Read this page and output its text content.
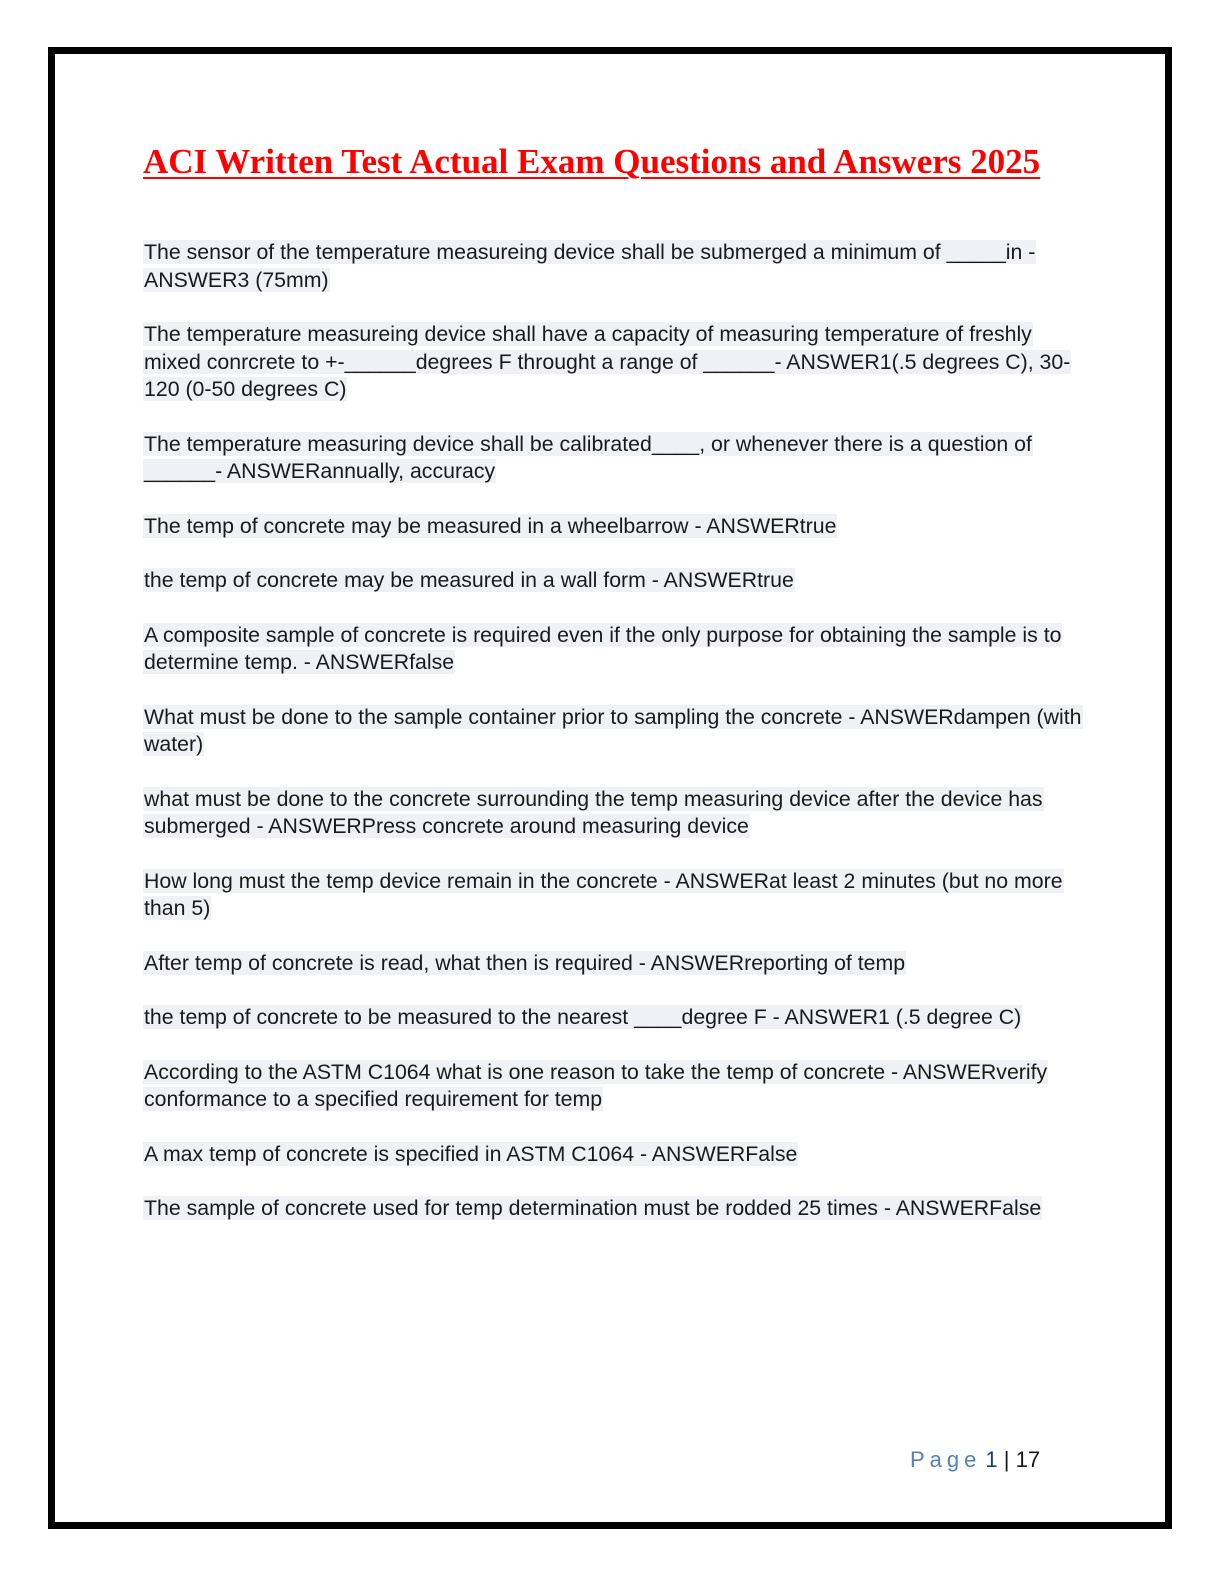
ACI Written Test Actual Exam Questions and Answers 2025

The sensor of the temperature measureing device shall be submerged a minimum of _____in - ANSWER3 (75mm)

The temperature measureing device shall have a capacity of measuring temperature of freshly mixed conrcrete to +-______degrees F throught a range of ______- ANSWER1(.5 degrees C), 30-120 (0-50 degrees C)

The temperature measuring device shall be calibrated____, or whenever there is a question of ______- ANSWERannually, accuracy

The temp of concrete may be measured in a wheelbarrow - ANSWERtrue

the temp of concrete may be measured in a wall form - ANSWERtrue

A composite sample of concrete is required even if the only purpose for obtaining the sample is to determine temp. - ANSWERfalse

What must be done to the sample container prior to sampling the concrete - ANSWERdampen (with water)

what must be done to the concrete surrounding the temp measuring device after the device has submerged - ANSWERPress concrete around measuring device

How long must the temp device remain in the concrete - ANSWERat least 2 minutes (but no more than 5)

After temp of concrete is read, what then is required - ANSWERreporting of temp

the temp of concrete to be measured to the nearest ____degree F - ANSWER1 (.5 degree C)

According to the ASTM C1064 what is one reason to take the temp of concrete - ANSWERverify conformance to a specified requirement for temp

A max temp of concrete is specified in ASTM C1064 - ANSWERFalse

The sample of concrete used for temp determination must be rodded 25 times - ANSWERFalse

Page 1 | 17
